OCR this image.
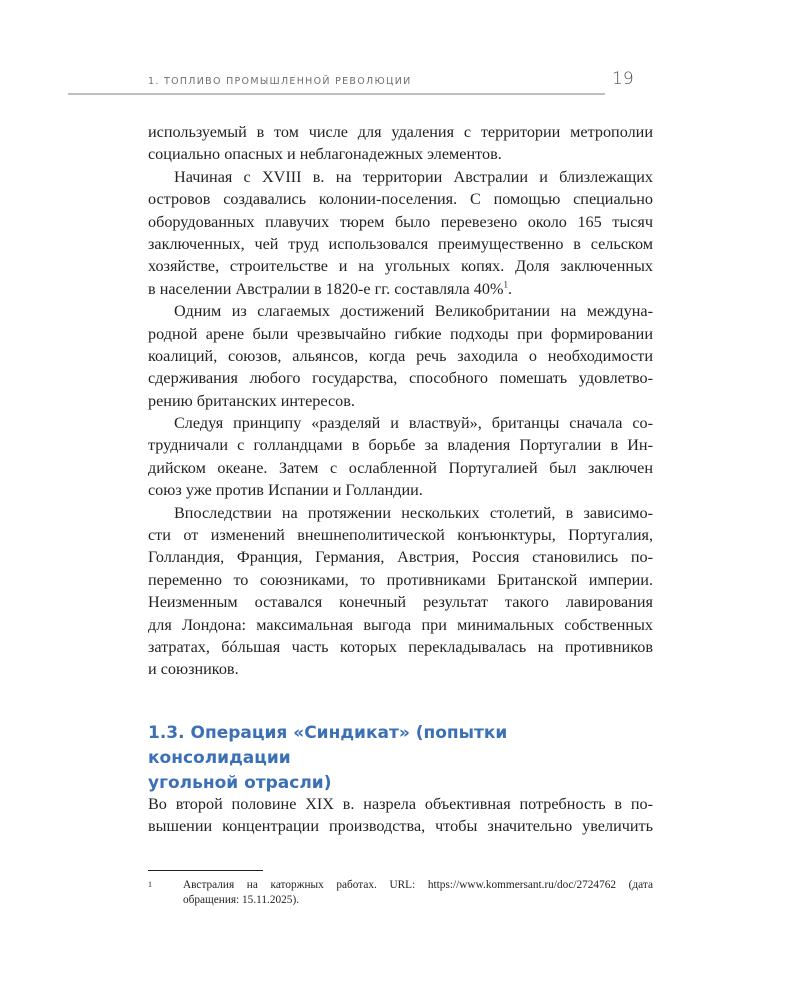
1. ТОПЛИВО ПРОМЫШЛЕННОЙ РЕВОЛЮЦИИ	19
используемый в том числе для удаления с территории метрополии
социально опасных и неблагонадежных элементов.
Начиная с XVIII в. на территории Австралии и близлежащих
островов создавались колонии-поселения. С помощью специально
оборудованных плавучих тюрем было перевезено около 165 тысяч
заключенных, чей труд использовался преимущественно в сельском
хозяйстве, строительстве и на угольных копях. Доля заключенных
в населении Австралии в 1820-е гг. составляла 40%$^1$.
Одним из слагаемых достижений Великобритании на междуна-
родной арене были чрезвычайно гибкие подходы при формировании
коалиций, союзов, альянсов, когда речь заходила о необходимости
сдерживания любого государства, способного помешать удовлетво-
рению британских интересов.
Следуя принципу «разделяй и властвуй», британцы сначала со-
трудничали с голландцами в борьбе за владения Португалии в Ин-
дийском океане. Затем с ослабленной Португалией был заключен
союз уже против Испании и Голландии.
Впоследствии на протяжении нескольких столетий, в зависимо-
сти от изменений внешнеполитической конъюнктуры, Португалия,
Голландия, Франция, Германия, Австрия, Россия становились по-
переменно то союзниками, то противниками Британской империи.
Неизменным оставался конечный результат такого лавирования
для Лондона: максимальная выгода при минимальных собственных
затратах, бóльшая часть которых перекладывалась на противников
и союзников.
1.3. Операция «Синдикат» (попытки консолидации
угольной отрасли)
Во второй половине XIX в. назрела объективная потребность в по-
вышении концентрации производства, чтобы значительно увеличить
1	Австралия на каторжных работах. URL: https://www.kommersant.ru/doc/2724762 (дата
обращения: 15.11.2025).
